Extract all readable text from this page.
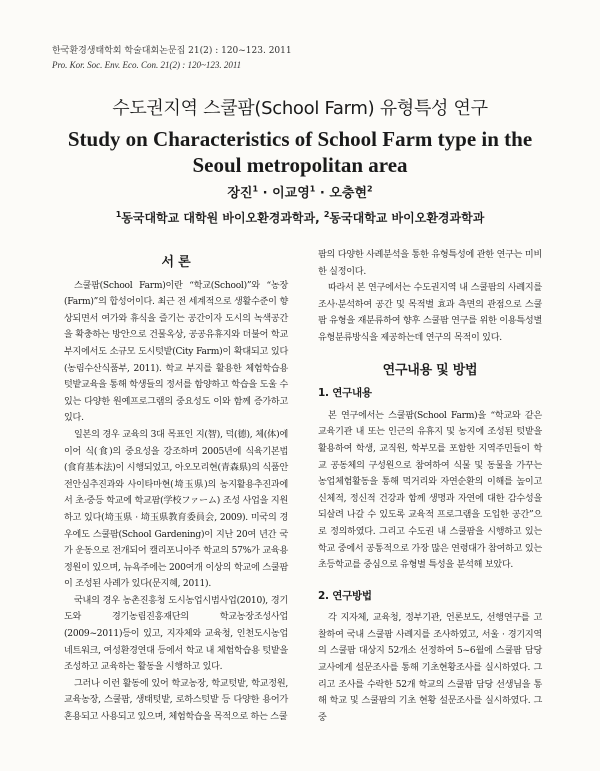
한국환경생태학회 학술대회논문집 21(2) : 120~123. 2011
Pro. Kor. Soc. Env. Eco. Con. 21(2) : 120~123. 2011
수도권지역 스쿨팜(School Farm) 유형특성 연구
Study on Characteristics of School Farm type in the Seoul metropolitan area
장진$^1$ · 이교영$^1$ · 오충현$^2$
$^1$동국대학교 대학원 바이오환경과학과, $^2$동국대학교 바이오환경과학과
서 론

스쿨팜(School Farm)이란 “학교(School)”와 “농장(Farm)”의 합성어이다. 최근 전 세계적으로 생활수준이 향상되면서 여가와 휴식을 즐기는 공간이자 도시의 녹색공간을 확충하는 방안으로 건물옥상, 공공유휴지와 더불어 학교부지에서도 소규모 도시텃밭(City Farm)이 확대되고 있다(농림수산식품부, 2011). 학교 부지를 활용한 체험학습용 텃밭교육을 통해 학생들의 정서를 함양하고 학습을 도울 수 있는 다양한 원예프로그램의 중요성도 이와 함께 증가하고 있다.

일본의 경우 교육의 3대 목표인 지(智), 덕(德), 체(体)에 이어 식(食)의 중요성을 강조하며 2005년에 식육기본법(食育基本法)이 시행되었고, 아오모리현(青森県)의 식품안전안심추진과와 사이타마현(埼玉県)의 농지활용추진과에서 초·중등 학교에 학교팜(学校ファーム) 조성 사업을 지원하고 있다(埼玉県 · 埼玉県教育委員会, 2009). 미국의 경우에도 스쿨팜(School Gardening)이 지난 20여 년간 국가 운동으로 전개되어 캘리포니아주 학교의 57%가 교육용 정원이 있으며, 뉴욕주에는 200여개 이상의 학교에 스쿨팜이 조성된 사례가 있다(문지혜, 2011).

국내의 경우 농촌진흥청 도시농업시범사업(2010), 경기도와 경기농림진흥재단의 학교농장조성사업(2009~2011)등이 있고, 지자체와 교육청, 인천도시농업네트워크, 여성환경연대 등에서 학교 내 체험학습용 텃밭을 조성하고 교육하는 활동을 시행하고 있다.

그러나 이런 활동에 있어 학교농장, 학교텃밭, 학교정원, 교육농장, 스쿨팜, 생태텃밭, 로하스텃밭 등 다양한 용어가 혼용되고 사용되고 있으며, 체험학습을 목적으로 하는 스쿨

팜의 다양한 사례분석을 통한 유형특성에 관한 연구는 미비한 실정이다.

따라서 본 연구에서는 수도권지역 내 스쿨팜의 사례지를 조사·분석하여 공간 및 목적별 효과 측면의 관점으로 스쿨팜 유형을 재분류하여 향후 스쿨팜 연구를 위한 이용특성별 유형분류방식을 제공하는데 연구의 목적이 있다.

연구내용 및 방법
1. 연구내용

본 연구에서는 스쿨팜(School Farm)을 “학교와 같은 교육기관 내 또는 인근의 유휴지 및 농지에 조성된 텃밭을 활용하여 학생, 교직원, 학부모를 포함한 지역주민들이 학교 공동체의 구성원으로 참여하여 식물 및 동물을 가꾸는 농업체험활동을 통해 먹거리와 자연순환의 이해를 높이고 신체적, 정신적 건강과 함께 생명과 자연에 대한 감수성을 되살려 나갈 수 있도록 교육적 프로그램을 도입한 공간”으로 정의하였다. 그리고 수도권 내 스쿨팜을 시행하고 있는 학교 중에서 공통적으로 가장 많은 연령대가 참여하고 있는 초등학교를 중심으로 유형별 특성을 분석해 보았다.

2. 연구방법

각 지자체, 교육청, 정부기관, 언론보도, 선행연구를 고찰하여 국내 스쿨팜 사례지를 조사하였고, 서울 · 경기지역의 스쿨팜 대상지 52개소 선정하여 5~6월에 스쿨팜 담당 교사에게 설문조사를 통해 기초현황조사를 실시하였다. 그리고 조사를 수락한 52개 학교의 스쿨팜 담당 선생님을 통해 학교 및 스쿨팜의 기초 현황 설문조사를 실시하였다. 그 중
